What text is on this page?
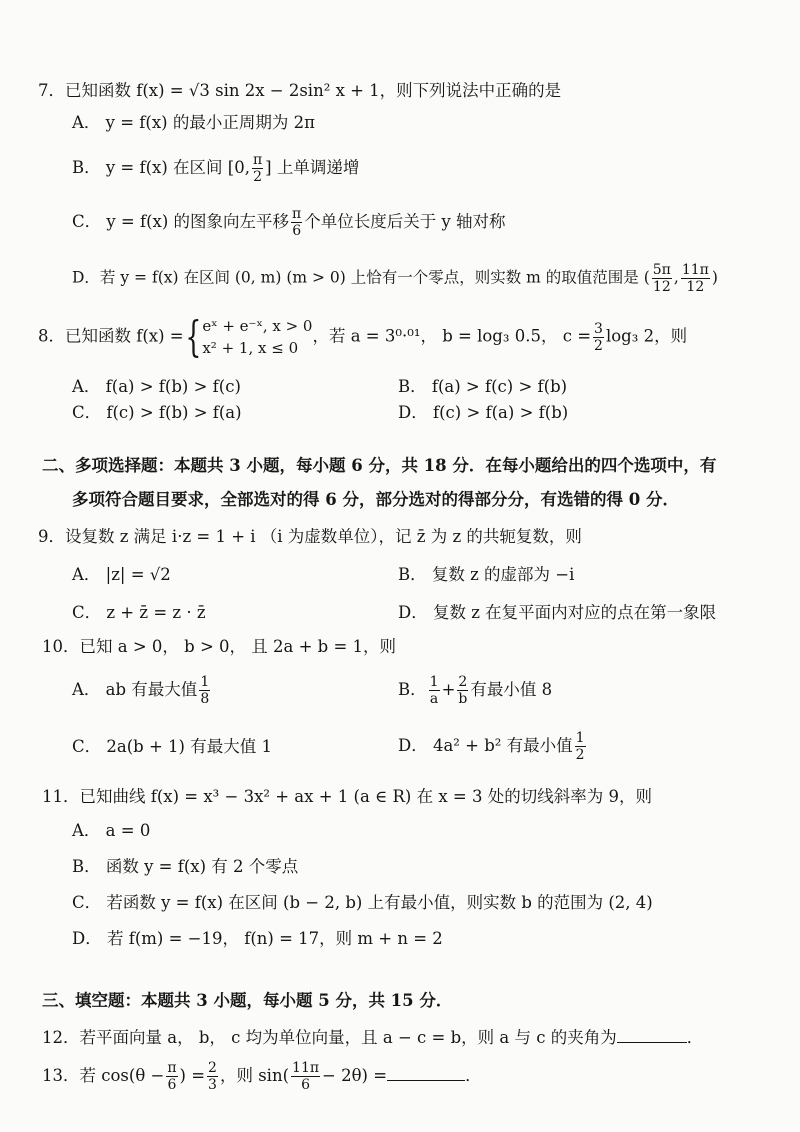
7．已知函数 f(x) = √3 sin 2x − 2sin² x + 1，则下列说法中正确的是
A． y = f(x) 的最小正周期为 2π
B． y = f(x) 在区间 [0, $\frac{\pi}{2}$ ] 上单调递增
C． y = f(x) 的图象向左平移 $\frac{\pi}{6}$ 个单位长度后关于 y 轴对称
D．若 y = f(x) 在区间 (0, m) (m > 0) 上恰有一个零点，则实数 m 的取值范围是 ( $\frac{5\pi}{12}$ , $\frac{11\pi}{12}$ )
8．已知函数 f(x) ={ eˣ + e⁻ˣ, x > 0
x² + 1, x ≤ 0
，若 a = 3⁰·⁰¹， b = log₃ 0.5， $c = \frac{3}{2} \log_3$ 2，则
A． f(a) > f(b) > f(c)	B． f(a) > f(c) > f(b)
C． f(c) > f(b) > f(a)	D． f(c) > f(a) > f(b)
二、多项选择题：本题共 3 小题，每小题 6 分，共 18 分．在每小题给出的四个选项中，有
多项符合题目要求，全部选对的得 6 分，部分选对的得部分分，有选错的得 0 分．
9．设复数 z 满足 i·z = 1 + i （i 为虚数单位），记 z̄ 为 z 的共轭复数，则
A． |z| = √2	B． 复数 z 的虚部为 −i
C． z + z̄ = z · z̄	D． 复数 z 在复平面内对应的点在第一象限
10．已知 a > 0， b > 0， 且 2a + b = 1，则
A． ab 有最大值 $\frac{1}{8}$	B． $\frac{1}{a} + \frac{2}{b}$ 有最小值 8
C． 2a(b + 1) 有最大值 1	D． 4a² + b² 有最小值 $\frac{1}{2}$
11．已知曲线 f(x) = x³ − 3x² + ax + 1 (a ∈ R) 在 x = 3 处的切线斜率为 9，则
A． a = 0
B． 函数 y = f(x) 有 2 个零点
C． 若函数 y = f(x) 在区间 (b − 2, b) 上有最小值，则实数 b 的范围为 (2, 4)
D． 若 f(m) = −19， f(n) = 17，则 m + n = 2
三、填空题：本题共 3 小题，每小题 5 分，共 15 分．
12．若平面向量 a， b， c 均为单位向量，且 a − c = b，则 a 与 c 的夹角为	．
13．若 $\cos(\theta - \frac{\pi}{6}$ ) = $\frac{2}{3}$ ，则 $\sin( \frac{11\pi}{6} - 2\theta)$ =	．
